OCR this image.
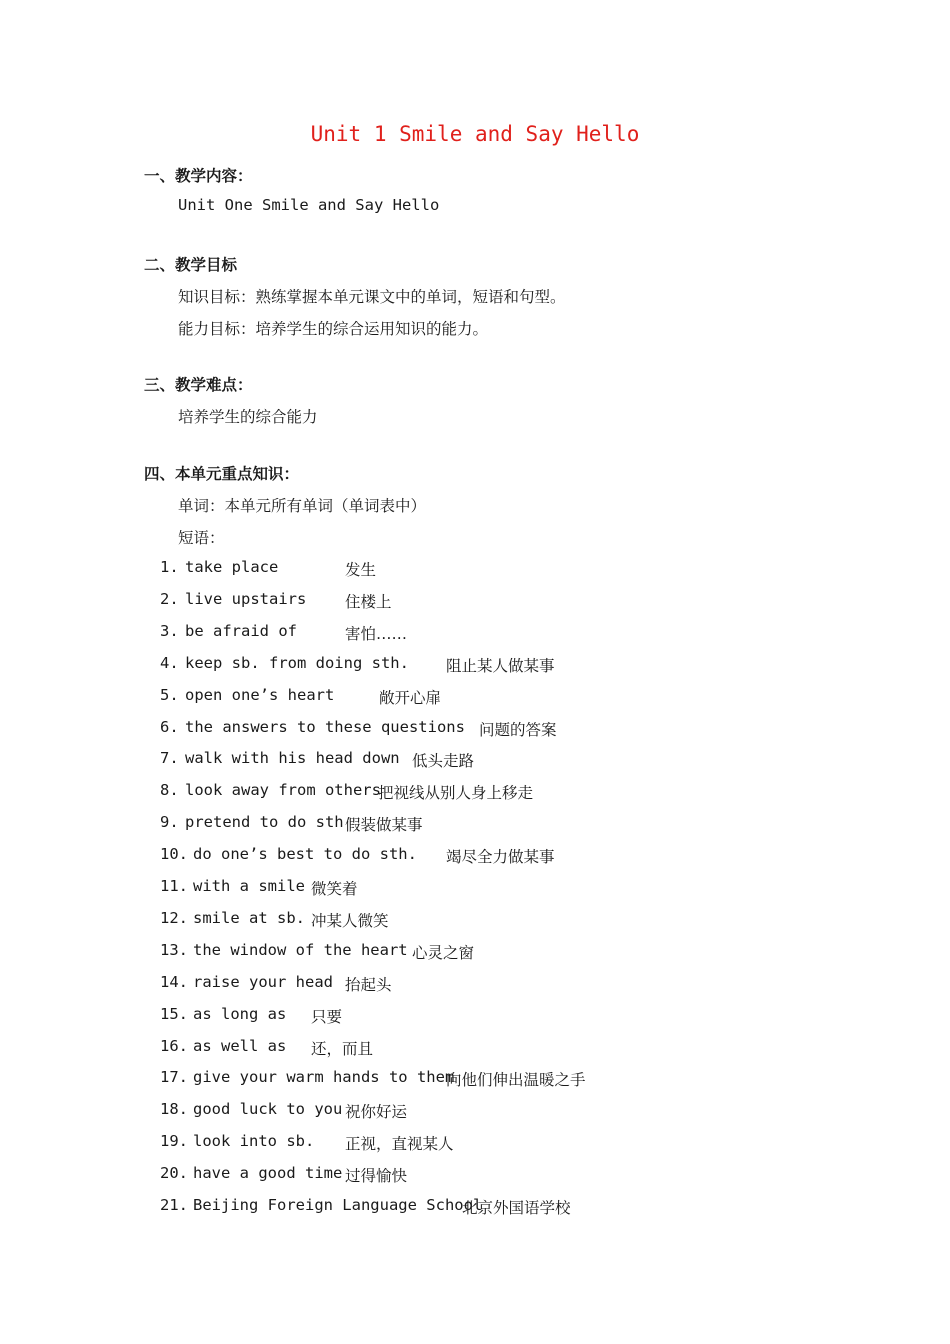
Unit 1 Smile and Say Hello
一、教学内容：
Unit One Smile and Say Hello
二、教学目标
知识目标：熟练掌握本单元课文中的单词，短语和句型。
能力目标：培养学生的综合运用知识的能力。
三、教学难点：
培养学生的综合能力
四、本单元重点知识：
单词：本单元所有单词（单词表中）
短语：
1. take place	发生
2. live upstairs 住楼上
3. be afraid of	害怕……
4. keep sb. from doing sth. 阻止某人做某事
5. open one’s heart	敞开心扉
6. the answers to these questions 问题的答案
7. walk with his head down 低头走路
8. look away from others
把视线从别人身上移走
9. pretend to do sth 假装做某事
10. do one’s best to do sth. 竭尽全力做某事
11. with a smile 微笑着
12. smile at sb. 冲某人微笑
13. the window of the heart 心灵之窗
14. raise your head 抬起头
15. as long as 只要
16. as well as 还，而且
17. give your warm hands to them
向他们伸出温暖之手
18. good luck to you 祝你好运
19. look into sb. 正视，直视某人
20. have a good time 过得愉快
21. Beijing Foreign Language School
北京外国语学校
